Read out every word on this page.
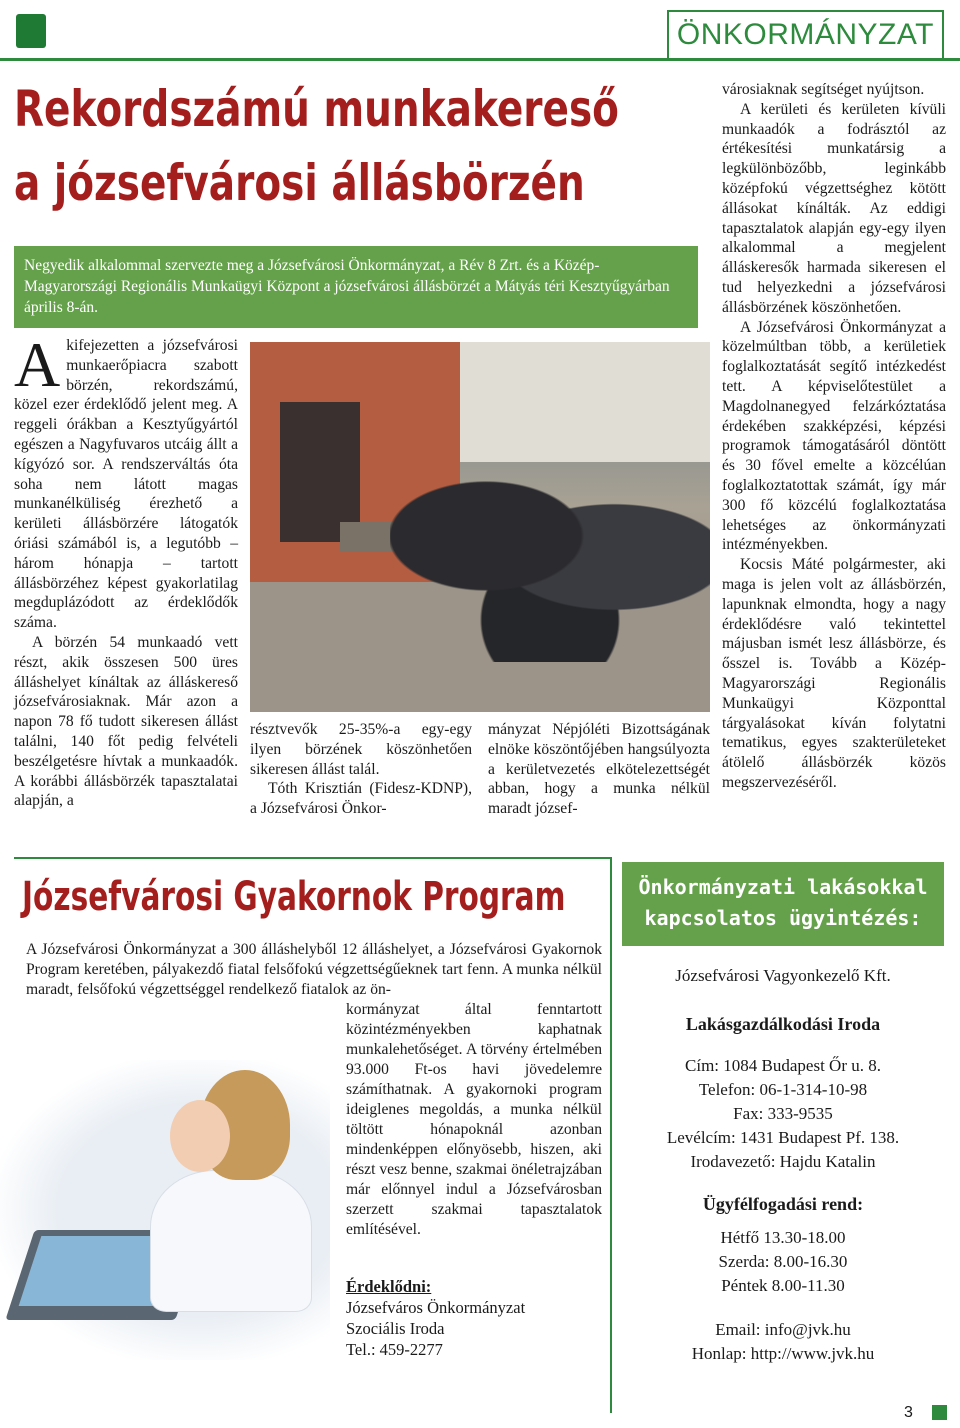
ÖNKORMÁNYZAT
Rekordszámú munkakereső
a józsefvárosi állásbörzén
Negyedik alkalommal szervezte meg a Józsefvárosi Önkormányzat, a Rév 8 Zrt. és a Közép-Magyarországi Regionális Munkaügyi Központ a józsefvárosi állásbörzét a Mátyás téri Kesztyűgyárban április 8-án.

Akifejezetten a józsefvárosi munkaerőpiacra szabott börzén, rekordszámú, közel ezer érdeklődő jelent meg. A reggeli órákban a Kesztyűgyártól egészen a Nagyfuvaros utcáig állt a kígyózó sor. A rendszerváltás óta soha nem látott magas munkanélküliség érezhető a kerületi állásbörzére látogatók óriási számából is, a legutóbb – három hónapja – tartott állásbörzéhez képest gyakorlatilag megduplázódott az érdeklődők száma.

A börzén 54 munkaadó vett részt, akik összesen 500 üres álláshelyet kínáltak az álláskereső józsefvárosiaknak. Már azon a napon 78 fő tudott sikeresen állást találni, 140 főt pedig felvételi beszélgetésre hívtak a munkaadók. A korábbi állásbörzék tapasztalatai alapján, a

résztvevők 25-35%-a egy-egy ilyen börzének köszönhetően sikeresen állást talál.

Tóth Krisztián (Fidesz-KDNP), a Józsefvárosi Önkor-

mányzat Népjóléti Bizottságának elnöke köszöntőjében hangsúlyozta a kerületvezetés elkötelezettségét abban, hogy a munka nélkül maradt józsef-

városiaknak segítséget nyújtson.

A kerületi és kerületen kívüli munkaadók a fodrásztól az értékesítési munkatársig a legkülönbözőbb, leginkább középfokú végzettséghez kötött állásokat kínálták. Az eddigi tapasztalatok alapján egy-egy ilyen alkalommal a megjelent álláskeresők harmada sikeresen el tud helyezkedni a józsefvárosi állásbörzének köszönhetően.

A Józsefvárosi Önkormányzat a közelmúltban több, a kerületiek foglalkoztatását segítő intézkedést tett. A képviselőtestület a Magdolnanegyed felzárkóztatása érdekében szakképzési, képzési programok támogatásáról döntött és 30 fővel emelte a közcélúan foglalkoztatottak számát, így már 300 fő közcélú foglalkoztatása lehetséges az önkormányzati intézményekben.

Kocsis Máté polgármester, aki maga is jelen volt az állásbörzén, lapunknak elmondta, hogy a nagy érdeklődésre való tekintettel májusban ismét lesz állásbörze, és ősszel is. Tovább a Közép-Magyarországi Regionális Munkaügyi Központtal tárgyalásokat kíván folytatni tematikus, egyes szakterületeket átölelő állásbörzék közös megszervezéséről.

Józsefvárosi Gyakornok Program

A Józsefvárosi Önkormányzat a 300 álláshelyből 12 álláshelyet, a Józsefvárosi Gyakornok Program keretében, pályakezdő fiatal felsőfokú végzettségűeknek tart fenn. A munka nélkül maradt, felsőfokú végzettséggel rendelkező fiatalok az ön-

kormányzat által fenntartott közintézményekben kaphatnak munkalehetőséget. A törvény értelmében 93.000 Ft-os havi jövedelemre számíthatnak. A gyakornoki program ideiglenes megoldás, a munka nélkül töltött hónapoknál azonban mindenképpen előnyösebb, hiszen, aki részt vesz benne, szakmai önéletrajzában már előnnyel indul a Józsefvárosban szerzett szakmai tapasztalatok említésével.

Érdeklődni:
Józsefváros Önkormányzat
Szociális Iroda
Tel.: 459-2277
Önkormányzati lakásokkal
kapcsolatos ügyintézés:
Józsefvárosi Vagyonkezelő Kft.
Lakásgazdálkodási Iroda
Cím: 1084 Budapest Őr u. 8.
Telefon: 06-1-314-10-98
Fax: 333-9535
Levélcím: 1431 Budapest Pf. 138.
Irodavezető: Hajdu Katalin
Ügyfélfogadási rend:
Hétfő 13.30-18.00
Szerda: 8.00-16.30
Péntek 8.00-11.30
Email: info@jvk.hu
Honlap: http://www.jvk.hu
3
